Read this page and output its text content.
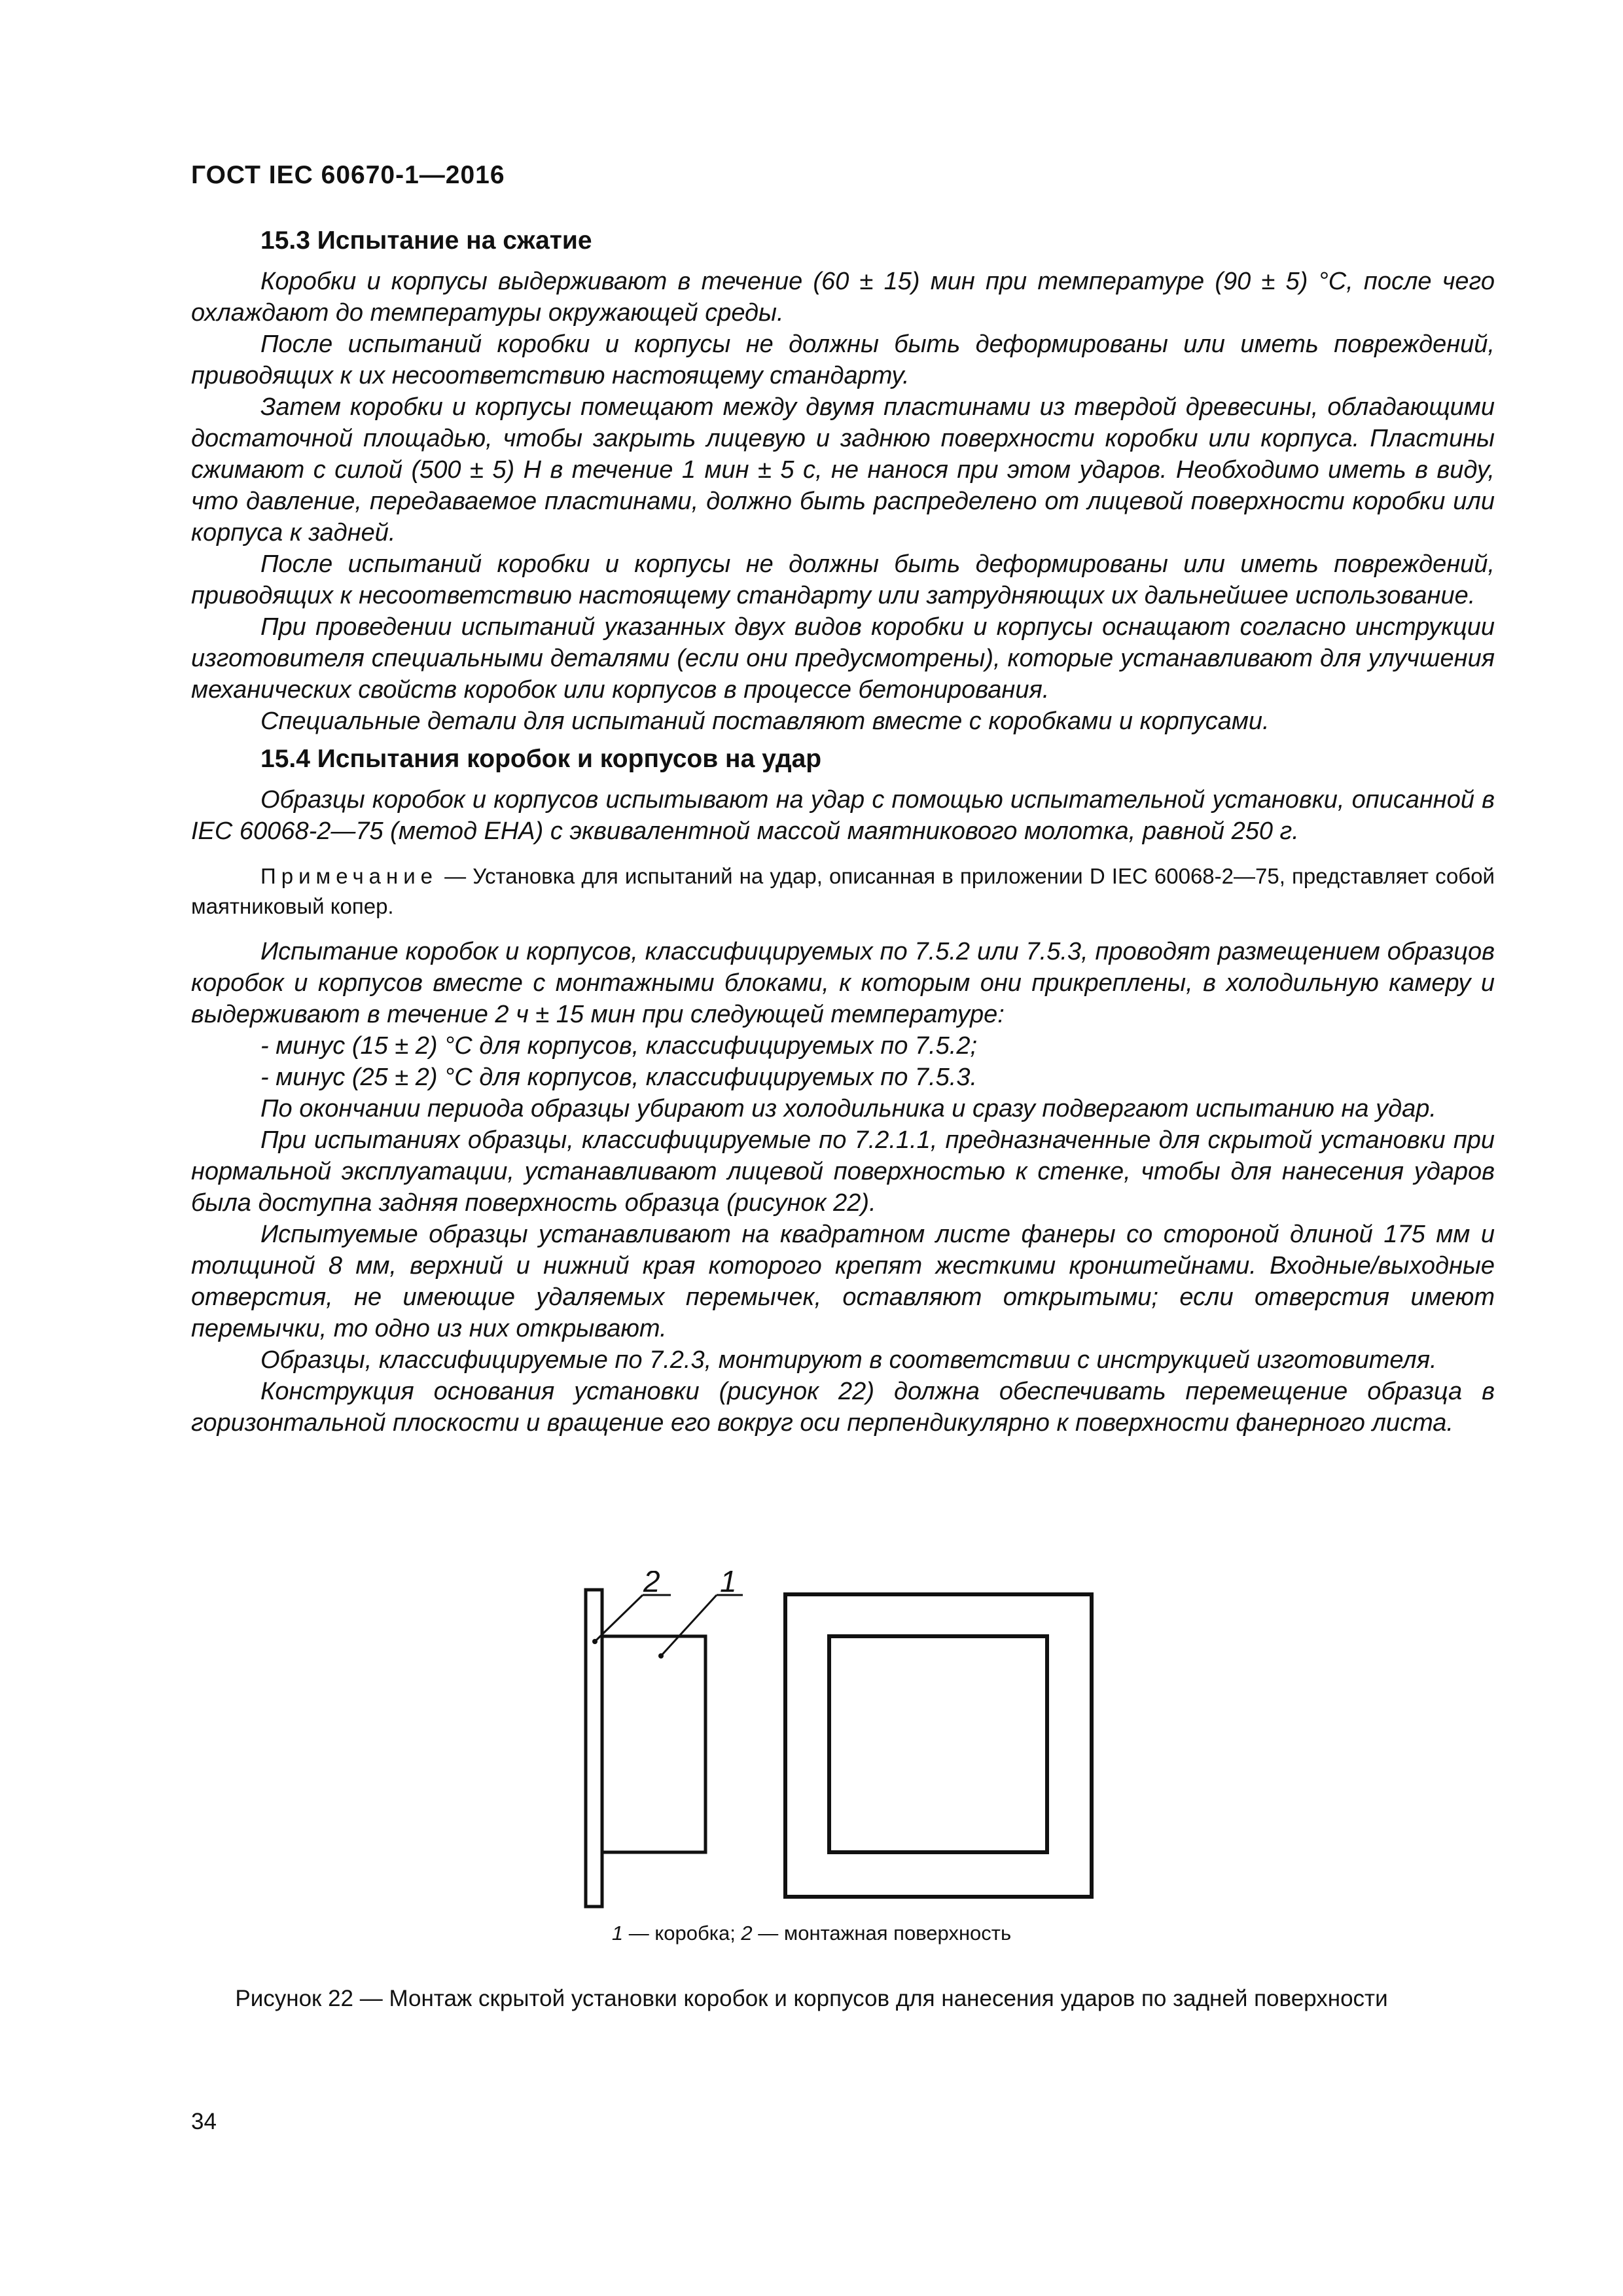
ГОСТ IEC 60670-1—2016
15.3 Испытание на сжатие

Коробки и корпусы выдерживают в течение (60 ± 15) мин при температуре (90 ± 5) °С, после чего охлаждают до температуры окружающей среды.

После испытаний коробки и корпусы не должны быть деформированы или иметь повреждений, приводящих к их несоответствию настоящему стандарту.

Затем коробки и корпусы помещают между двумя пластинами из твердой древесины, обладающими достаточной площадью, чтобы закрыть лицевую и заднюю поверхности коробки или корпуса. Пластины сжимают с силой (500 ± 5) Н в течение 1 мин ± 5 с, не нанося при этом ударов. Необходимо иметь в виду, что давление, передаваемое пластинами, должно быть распределено от лицевой поверхности коробки или корпуса к задней.

После испытаний коробки и корпусы не должны быть деформированы или иметь повреждений, приводящих к несоответствию настоящему стандарту или затрудняющих их дальнейшее использование.

При проведении испытаний указанных двух видов коробки и корпусы оснащают согласно инструкции изготовителя специальными деталями (если они предусмотрены), которые устанавливают для улучшения механических свойств коробок или корпусов в процессе бетонирования.

Специальные детали для испытаний поставляют вместе с коробками и корпусами.

15.4 Испытания коробок и корпусов на удар

Образцы коробок и корпусов испытывают на удар с помощью испытательной установки, описанной в IEC 60068-2—75 (метод ЕНА) с эквивалентной массой маятникового молотка, равной 250 г.

Примечание — Установка для испытаний на удар, описанная в приложении D IEC 60068-2—75, представляет собой маятниковый копер.

Испытание коробок и корпусов, классифицируемых по 7.5.2 или 7.5.3, проводят размещением образцов коробок и корпусов вместе с монтажными блоками, к которым они прикреплены, в холодильную камеру и выдерживают в течение 2 ч ± 15 мин при следующей температуре:

- минус (15 ± 2) °С для корпусов, классифицируемых по 7.5.2;

- минус (25 ± 2) °С для корпусов, классифицируемых по 7.5.3.

По окончании периода образцы убирают из холодильника и сразу подвергают испытанию на удар.

При испытаниях образцы, классифицируемые по 7.2.1.1, предназначенные для скрытой установки при нормальной эксплуатации, устанавливают лицевой поверхностью к стенке, чтобы для нанесения ударов была доступна задняя поверхность образца (рисунок 22).

Испытуемые образцы устанавливают на квадратном листе фанеры со стороной длиной 175 мм и толщиной 8 мм, верхний и нижний края которого крепят жесткими кронштейнами. Входные/выходные отверстия, не имеющие удаляемых перемычек, оставляют открытыми; если отверстия имеют перемычки, то одно из них открывают.

Образцы, классифицируемые по 7.2.3, монтируют в соответствии с инструкцией изготовителя.

Конструкция основания установки (рисунок 22) должна обеспечивать перемещение образца в горизонтальной плоскости и вращение его вокруг оси перпендикулярно к поверхности фанерного листа.

2 1
1 — коробка; 2 — монтажная поверхность
Рисунок 22 — Монтаж скрытой установки коробок и корпусов для нанесения ударов по задней поверхности
34
